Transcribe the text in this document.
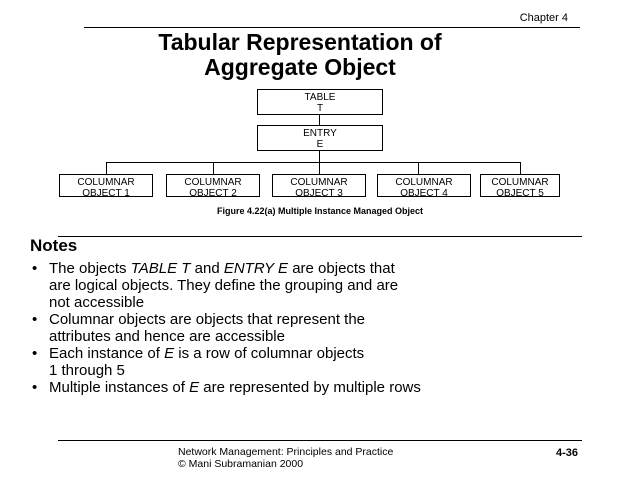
Chapter 4
Tabular Representation of
Aggregate Object
TABLE
T
ENTRY
E
COLUMNAR
OBJECT 1
COLUMNAR
OBJECT 2
COLUMNAR
OBJECT 3
COLUMNAR
OBJECT 4
COLUMNAR
OBJECT 5
Figure 4.22(a) Multiple Instance Managed Object
Notes
• The objects TABLE T and ENTRY E are objects that
are logical objects. They define the grouping and are
not accessible
• Columnar objects are objects that represent the
attributes and hence are accessible
• Each instance of E is a row of columnar objects
1 through 5
• Multiple instances of E are represented by multiple rows
Network Management: Principles and Practice
© Mani Subramanian 2000
4-36
